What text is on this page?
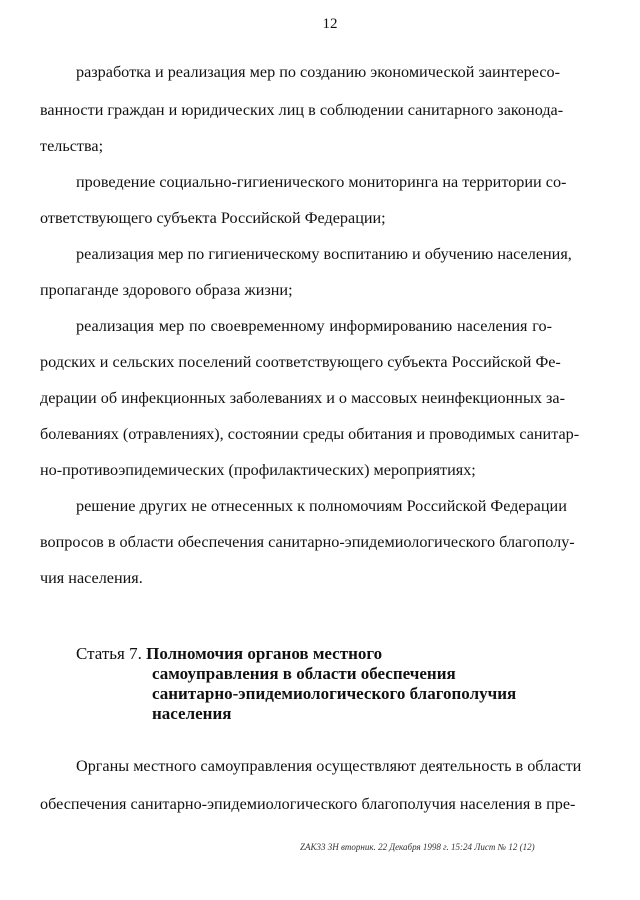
12
разработка и реализация мер по созданию экономической заинтересо-
ванности граждан и юридических лиц в соблюдении санитарного законода-
тельства;
проведение социально-гигиенического мониторинга на территории со-
ответствующего субъекта Российской Федерации;
реализация мер по гигиеническому воспитанию и обучению населения,
пропаганде здорового образа жизни;
реализация мер по своевременному информированию населения го-
родских и сельских поселений соответствующего субъекта Российской Фе-
дерации об инфекционных заболеваниях и о массовых неинфекционных за-
болеваниях (отравлениях), состоянии среды обитания и проводимых санитар-
но-противоэпидемических (профилактических) мероприятиях;
решение других не отнесенных к полномочиям Российской Федерации
вопросов в области обеспечения санитарно-эпидемиологического благополу-
чия населения.
Статья 7. Полномочия органов местного
самоуправления в области обеспечения
санитарно-эпидемиологического благополучия
населения
Органы местного самоуправления осуществляют деятельность в области
обеспечения санитарно-эпидемиологического благополучия населения в пре-
ZAK33 3Н вторник. 22 Декабря 1998 г. 15:24 Лист № 12 (12)
